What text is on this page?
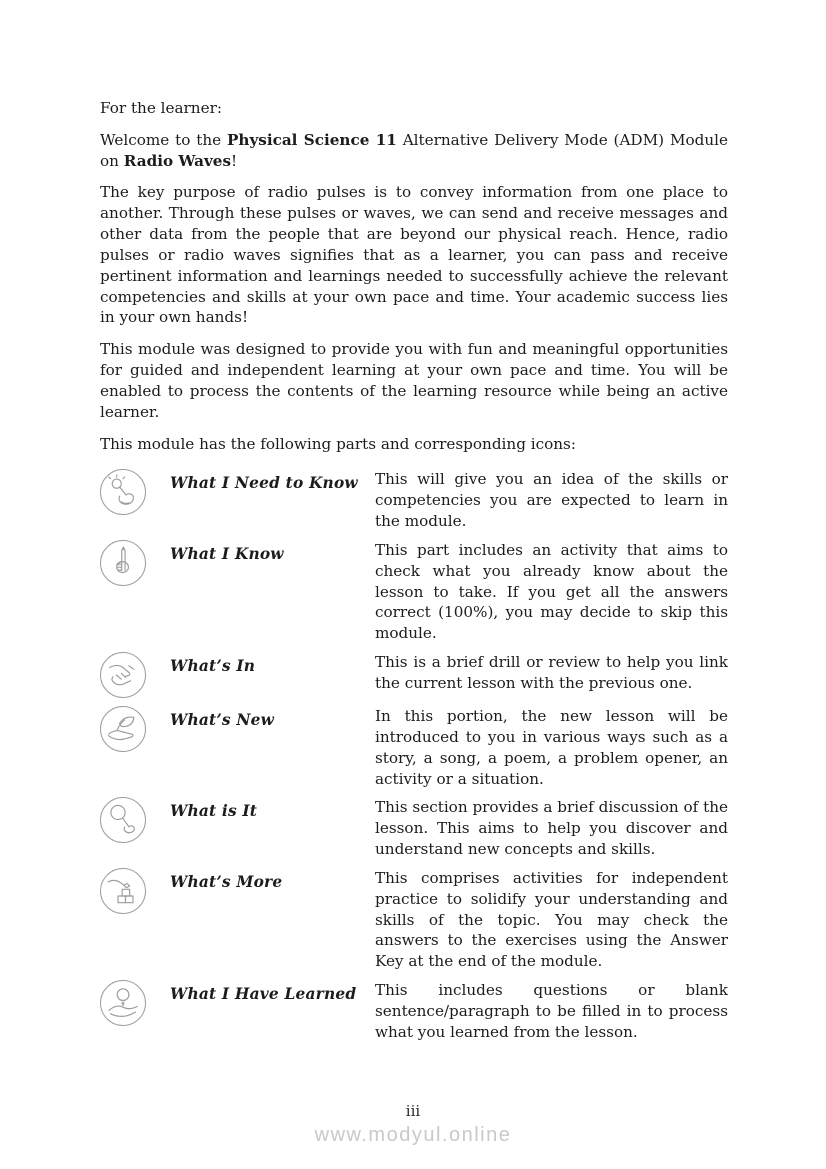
For the learner:

Welcome to the Physical Science 11 Alternative Delivery Mode (ADM) Module on Radio Waves!

The key purpose of radio pulses is to convey information from one place to another. Through these pulses or waves, we can send and receive messages and other data from the people that are beyond our physical reach. Hence, radio pulses or radio waves signifies that as a learner, you can pass and receive pertinent information and learnings needed to successfully achieve the relevant competencies and skills at your own pace and time. Your academic success lies in your own hands!

This module was designed to provide you with fun and meaningful opportunities for guided and independent learning at your own pace and time. You will be enabled to process the contents of the learning resource while being an active learner.

This module has the following parts and corresponding icons:

What I Need to Know	This will give you an idea of the skills or competencies you are expected to learn in the module.
What I Know	This part includes an activity that aims to check what you already know about the lesson to take. If you get all the answers correct (100%), you may decide to skip this module.
What’s In	This is a brief drill or review to help you link the current lesson with the previous one.
What’s New	In this portion, the new lesson will be introduced to you in various ways such as a story, a song, a poem, a problem opener, an activity or a situation.
What is It	This section provides a brief discussion of the lesson. This aims to help you discover and understand new concepts and skills.
What’s More	This comprises activities for independent practice to solidify your understanding and skills of the topic. You may check the answers to the exercises using the Answer Key at the end of the module.
What I Have Learned	This includes questions or blank sentence/paragraph to be filled in to process what you learned from the lesson.
iii
www.modyul.online
